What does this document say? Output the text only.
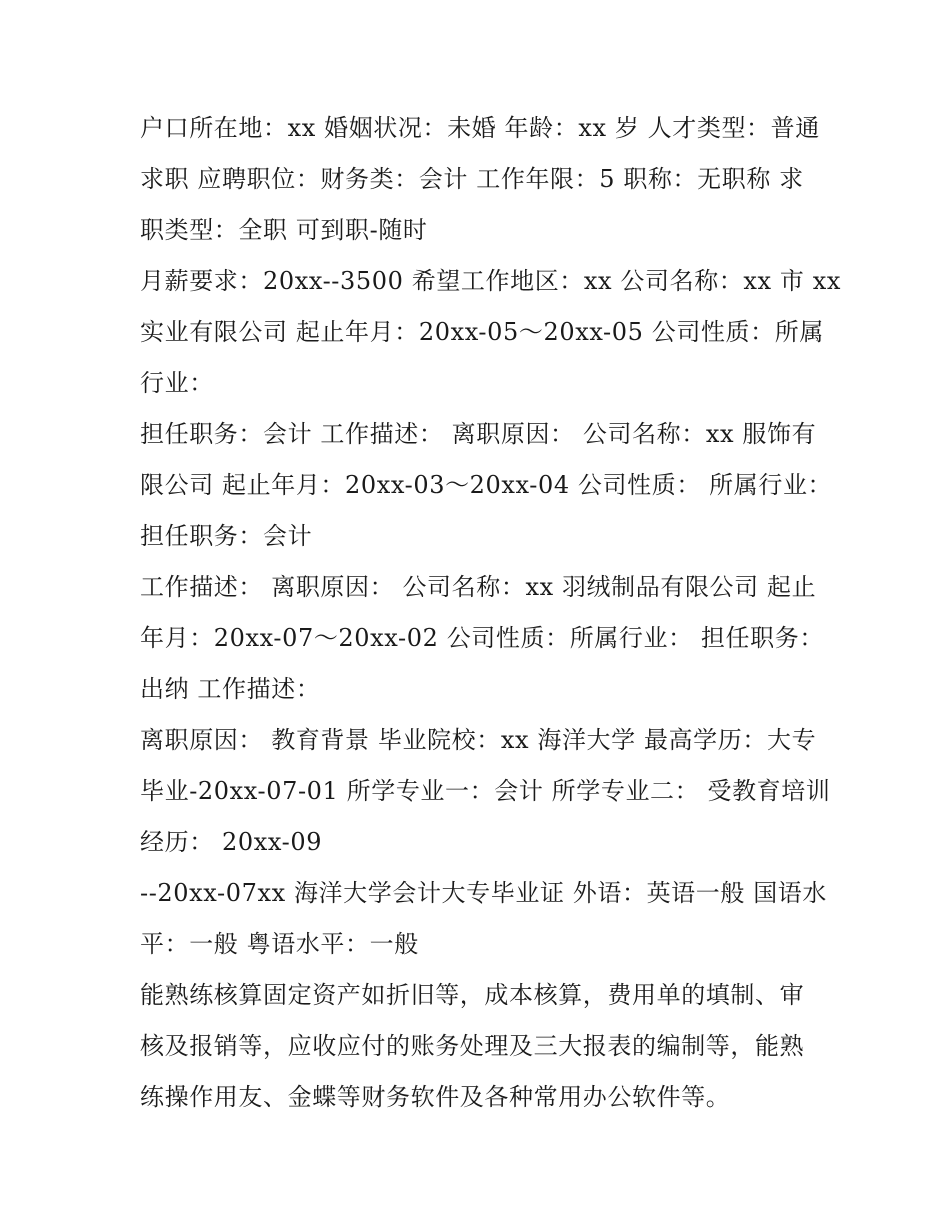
户口所在地：xx 婚姻状况：未婚 年龄：xx 岁 人才类型：普通
求职 应聘职位：财务类：会计 工作年限：5 职称：无职称 求
职类型：全职 可到职-随时
月薪要求：20xx--3500 希望工作地区：xx 公司名称：xx 市 xx
实业有限公司 起止年月：20xx-05～20xx-05 公司性质：所属
行业：
担任职务：会计 工作描述： 离职原因： 公司名称：xx 服饰有
限公司 起止年月：20xx-03～20xx-04 公司性质： 所属行业：
担任职务：会计
工作描述： 离职原因： 公司名称：xx 羽绒制品有限公司 起止
年月：20xx-07～20xx-02 公司性质：所属行业： 担任职务：
出纳 工作描述：
离职原因： 教育背景 毕业院校：xx 海洋大学 最高学历：大专
毕业-20xx-07-01 所学专业一：会计 所学专业二： 受教育培训
经历： 20xx-09
--20xx-07xx 海洋大学会计大专毕业证 外语：英语一般 国语水
平：一般 粤语水平：一般
能熟练核算固定资产如折旧等，成本核算，费用单的填制、审
核及报销等，应收应付的账务处理及三大报表的编制等，能熟
练操作用友、金蝶等财务软件及各种常用办公软件等。
